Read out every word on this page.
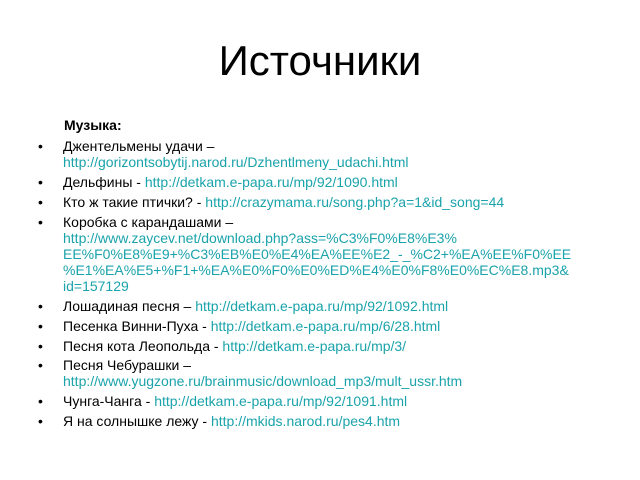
Источники
Музыка:
• Джентельмены удачи –
http://gorizontsobytij.narod.ru/Dzhentlmeny_udachi.html
• Дельфины - http://detkam.e-papa.ru/mp/92/1090.html
• Кто ж такие птички? - http://crazymama.ru/song.php?a=1&id_song=44
• Коробка с карандашами –
http://www.zaycev.net/download.php?ass=%C3%F0%E8%E3%
EE%F0%E8%E9+%C3%EB%E0%E4%EA%EE%E2_-_%C2+%EA%EE%F0%EE
%E1%EA%E5+%F1+%EA%E0%F0%E0%ED%E4%E0%F8%E0%EC%E8.mp3&
id=157129
• Лошадиная песня – http://detkam.e-papa.ru/mp/92/1092.html
• Песенка Винни-Пуха - http://detkam.e-papa.ru/mp/6/28.html
• Песня кота Леопольда - http://detkam.e-papa.ru/mp/3/
• Песня Чебурашки –
http://www.yugzone.ru/brainmusic/download_mp3/mult_ussr.htm
• Чунга-Чанга - http://detkam.e-papa.ru/mp/92/1091.html
• Я на солнышке лежу - http://mkids.narod.ru/pes4.htm
